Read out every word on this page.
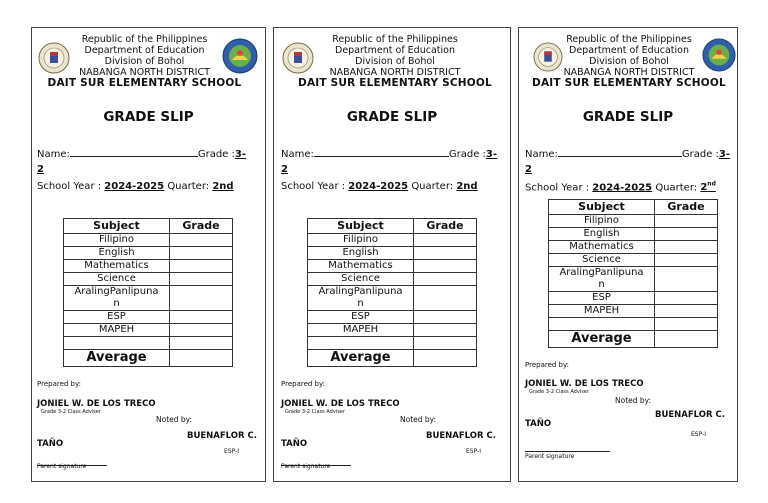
Republic of the Philippines
Department of Education
Division of Bohol
NABANGA NORTH DISTRICT
DAIT SUR ELEMENTARY SCHOOL
GRADE SLIP
Name:	Grade :3-
2
School Year : 2024-2025 Quarter: 2nd
Subject	Grade
Filipino	
English	
Mathematics	
Science	
AralingPanlipuna
n	
ESP	
MAPEH	

Average	
Prepared by:
JONIEL W. DE LOS TRECO
Grade 3-2 Class Adviser
Noted by:
BUENAFLOR C.
TAÑO
ESP-I
Parent signature
Republic of the Philippines
Department of Education
Division of Bohol
NABANGA NORTH DISTRICT
DAIT SUR ELEMENTARY SCHOOL
GRADE SLIP
Name:	Grade :3-
2
School Year : 2024-2025 Quarter: 2nd
Subject	Grade
Filipino	
English	
Mathematics	
Science	
AralingPanlipuna
n	
ESP	
MAPEH	

Average	
Prepared by:
JONIEL W. DE LOS TRECO
Grade 3-2 Class Adviser
Noted by:
BUENAFLOR C.
TAÑO
ESP-I
Parent signature
Republic of the Philippines
Department of Education
Division of Bohol
NABANGA NORTH DISTRICT
DAIT SUR ELEMENTARY SCHOOL
GRADE SLIP
Name:	Grade :3-
2
School Year : 2024-2025 Quarter: 2nd
Subject	Grade
Filipino	
English	
Mathematics	
Science	
AralingPanlipuna
n	
ESP	
MAPEH	

Average	
Prepared by:
JONIEL W. DE LOS TRECO
Grade 3-2 Class Adviser
Noted by:
BUENAFLOR C.
TAÑO
ESP-I
Parent signature
